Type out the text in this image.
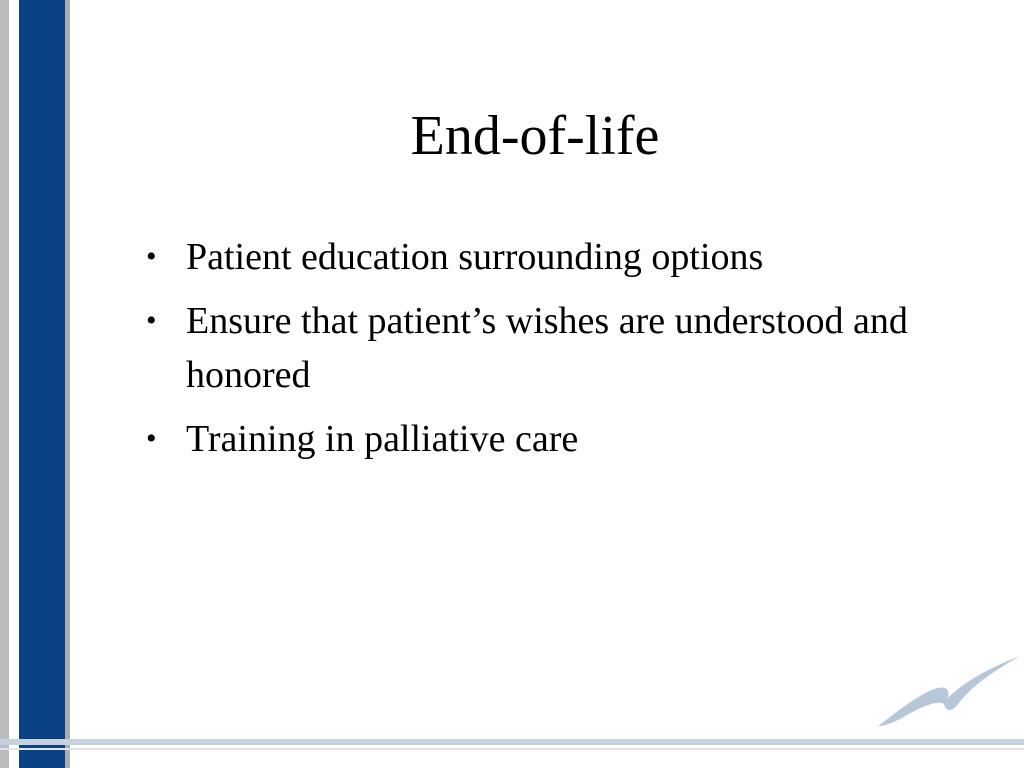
End-of-life
• Patient education surrounding options
• Ensure that patient’s wishes are understood and honored
• Training in palliative care
